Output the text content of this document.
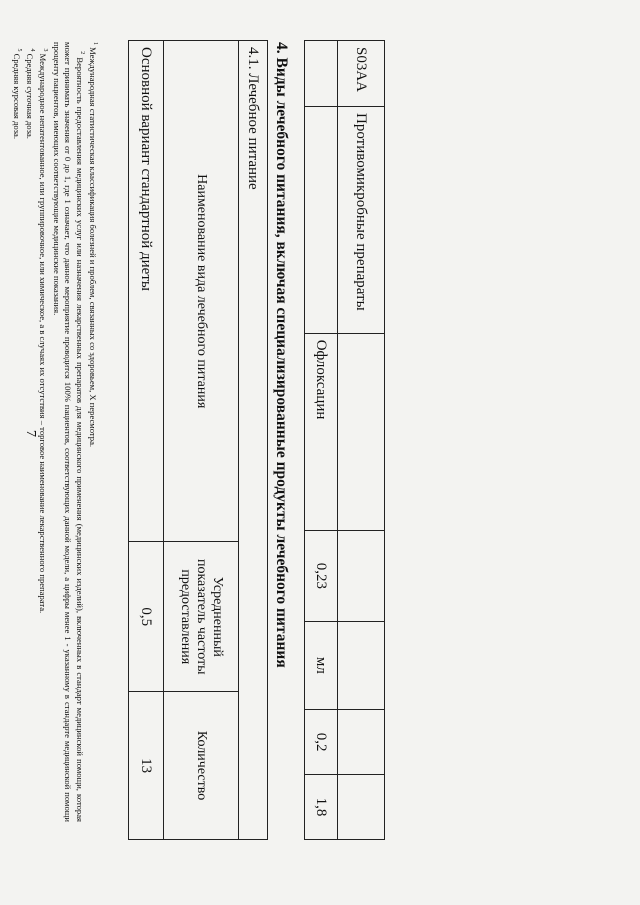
7
S03AA	Противомикробные препараты					
		Офлоксацин	0,23	мл	0,2	1,8
4. Виды лечебного питания, включая специализированные продукты лечебного питания
4.1. Лечебное питание		
Наименование вида лечебного питания	Усредненный показатель частоты предоставления	Количество
Основной вариант стандартной диеты	0,5	13

$^1$ Международная статистическая классификация болезней и проблем, связанных со здоровьем, X пересмотра.

$^2$ Вероятность предоставления медицинских услуг или назначения лекарственных препаратов для медицинского применения (медицинских изделий), включенных в стандарт медицинской помощи, которая может принимать значения от 0 до 1, где 1 означает, что данное мероприятие проводится 100% пациентов, соответствующих данной модели, а цифры менее 1 - указанному в стандарте медицинской помощи проценту пациентов, имеющих соответствующие медицинские показания.

$^3$ Международное непатентованное, или группировочное, или химическое, а в случаях их отсутствия – торговое наименование лекарственного препарата.

$^4$ Средняя суточная доза.

$^5$ Средняя курсовая доза.
